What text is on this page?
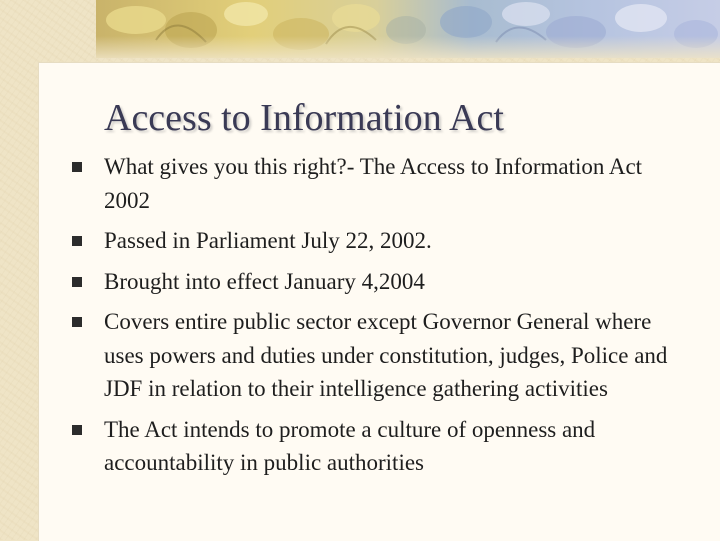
Access to Information Act
What gives you this right?- The Access to Information Act 2002
Passed in Parliament July 22, 2002.
Brought into effect January 4,2004
Covers entire public sector except Governor General where uses powers and duties under constitution, judges, Police and JDF in relation to their intelligence gathering activities
The Act intends to promote a culture of openness and accountability in public authorities
